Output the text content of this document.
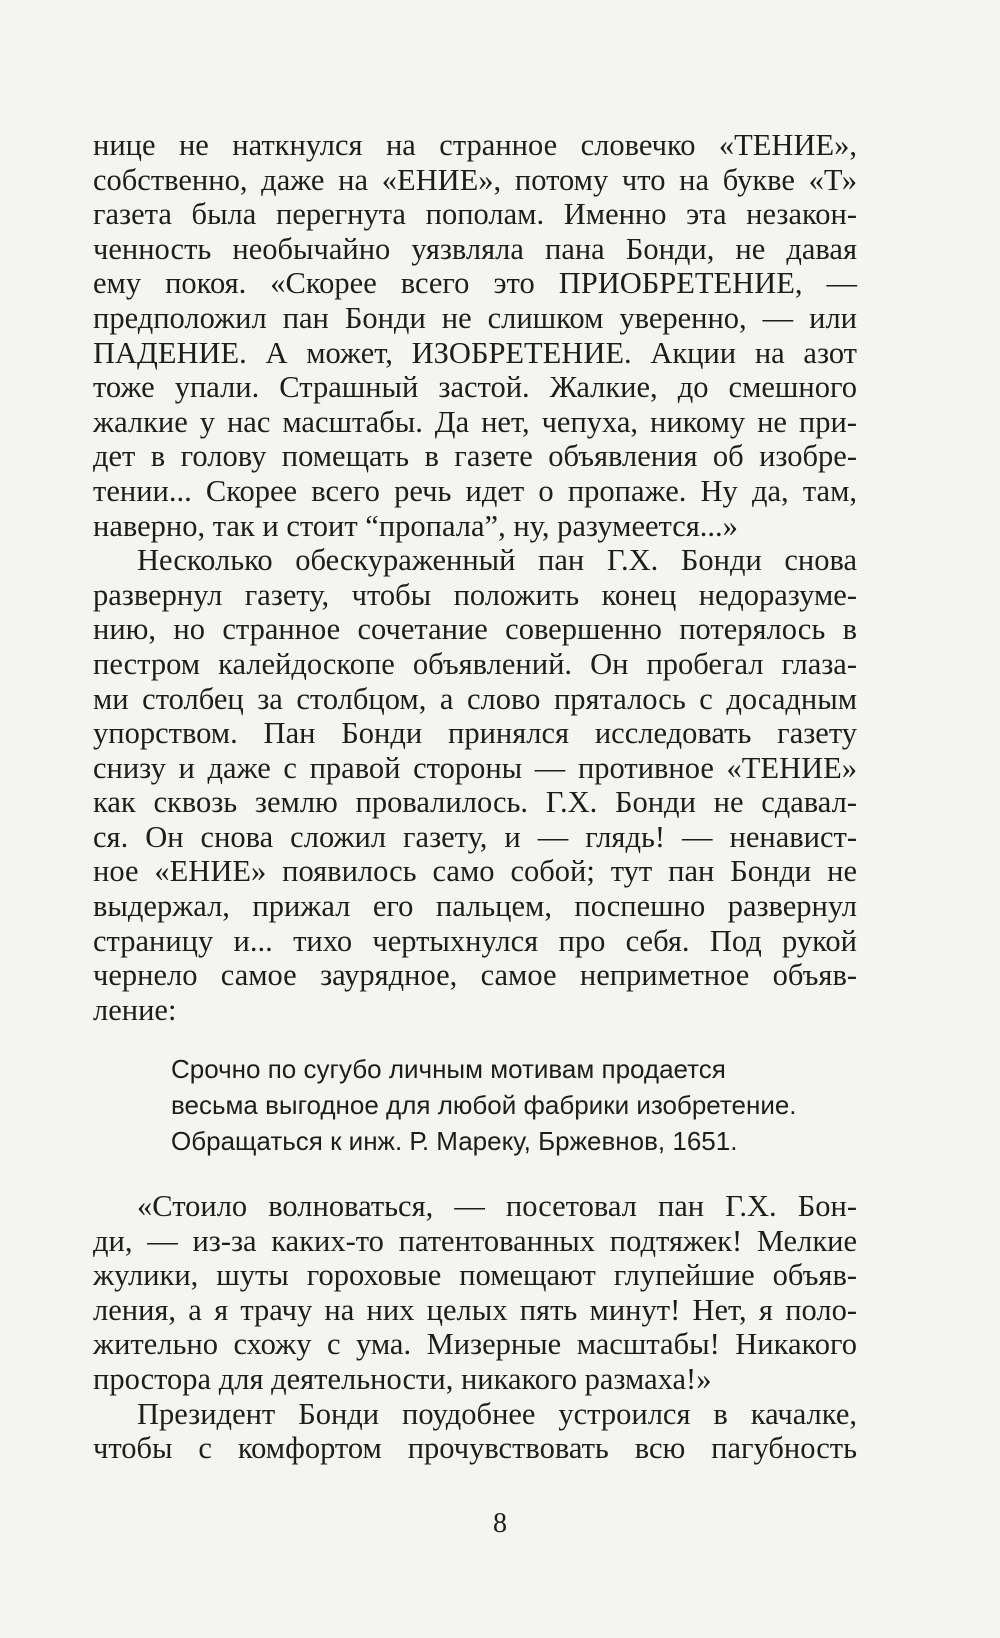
нице не наткнулся на странное словечко «ТЕНИЕ»,
собственно, даже на «ЕНИЕ», потому что на букве «Т»
газета была перегнута пополам. Именно эта незакон-
ченность необычайно уязвляла пана Бонди, не давая
ему покоя. «Скорее всего это ПРИОБРЕТЕНИЕ, —
предположил пан Бонди не слишком уверенно, — или
ПАДЕНИЕ. А может, ИЗОБРЕТЕНИЕ. Акции на азот
тоже упали. Страшный застой. Жалкие, до смешного
жалкие у нас масштабы. Да нет, чепуха, никому не при-
дет в голову помещать в газете объявления об изобре-
тении... Скорее всего речь идет о пропаже. Ну да, там,
наверно, так и стоит “пропала”, ну, разумеется...»
Несколько обескураженный пан Г.Х. Бонди снова
развернул газету, чтобы положить конец недоразуме-
нию, но странное сочетание совершенно потерялось в
пестром калейдоскопе объявлений. Он пробегал глаза-
ми столбец за столбцом, а слово пряталось с досадным
упорством. Пан Бонди принялся исследовать газету
снизу и даже с правой стороны — противное «ТЕНИЕ»
как сквозь землю провалилось. Г.Х. Бонди не сдавал-
ся. Он снова сложил газету, и — глядь! — ненавист-
ное «ЕНИЕ» появилось само собой; тут пан Бонди не
выдержал, прижал его пальцем, поспешно развернул
страницу и... тихо чертыхнулся про себя. Под рукой
чернело самое заурядное, самое неприметное объяв-
ление:
Срочно по сугубо личным мотивам продается
весьма выгодное для любой фабрики изобретение.
Обращаться к инж. Р. Мареку, Бржевнов, 1651.
«Стоило волноваться, — посетовал пан Г.Х. Бон-
ди, — из-за каких-то патентованных подтяжек! Мелкие
жулики, шуты гороховые помещают глупейшие объяв-
ления, а я трачу на них целых пять минут! Нет, я поло-
жительно схожу с ума. Мизерные масштабы! Никакого
простора для деятельности, никакого размаха!»
Президент Бонди поудобнее устроился в качалке,
чтобы с комфортом прочувствовать всю пагубность
8
